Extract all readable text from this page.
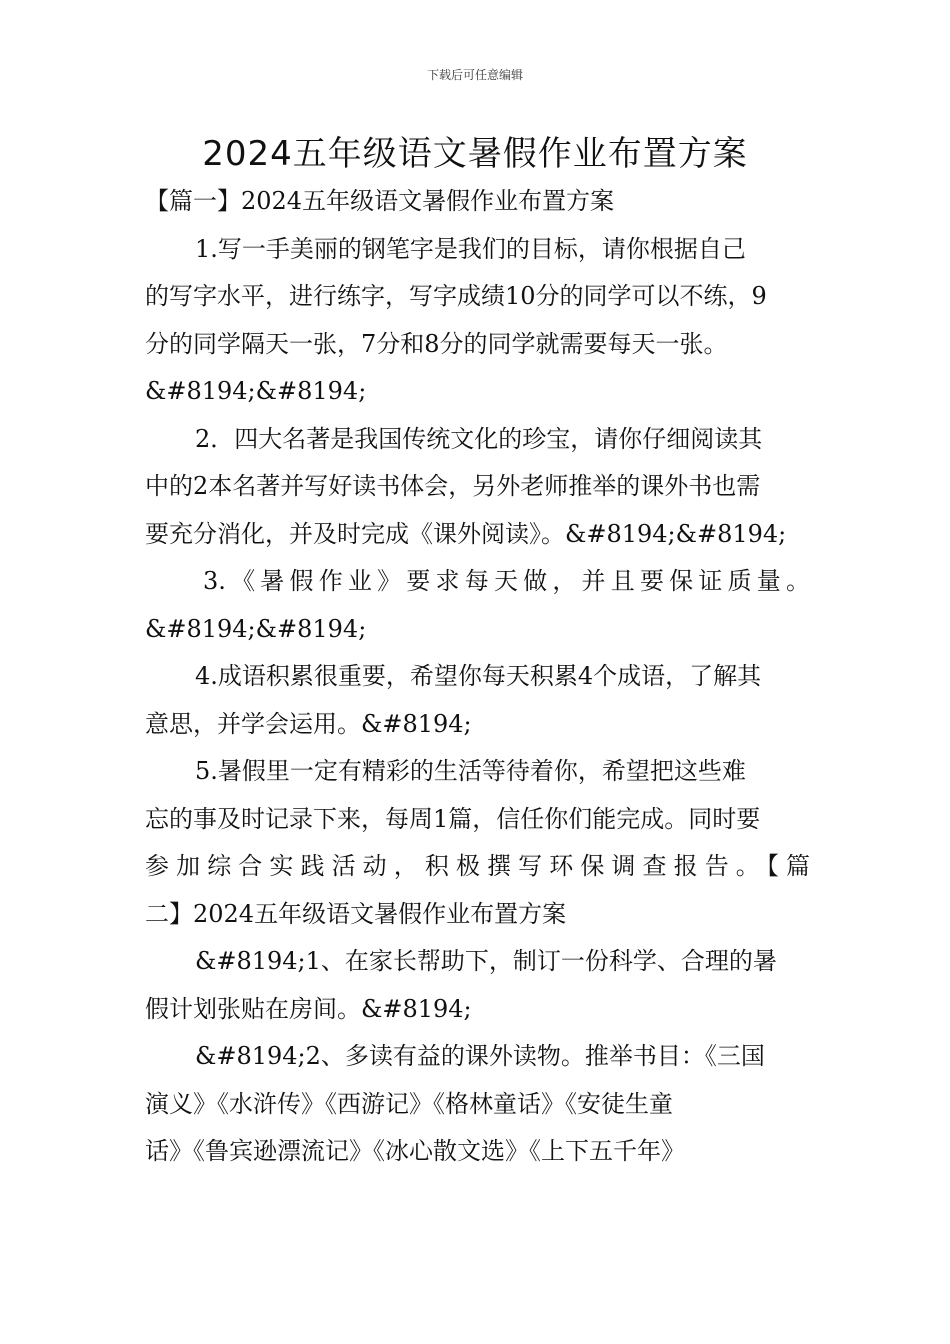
下载后可任意编辑
2024五年级语文暑假作业布置方案
【篇一】2024五年级语文暑假作业布置方案
1.写一手美丽的钢笔字是我们的目标，请你根据自己
的写字水平，进行练字，写字成绩10分的同学可以不练，9
分的同学隔天一张，7分和8分的同学就需要每天一张。
&#8194;&#8194;
2．四大名著是我国传统文化的珍宝，请你仔细阅读其
中的2本名著并写好读书体会，另外老师推举的课外书也需
要充分消化，并及时完成《课外阅读》。&#8194;&#8194;
3.《暑假作业》要求每天做，并且要保证质量。
&#8194;&#8194;
4.成语积累很重要，希望你每天积累4个成语，了解其
意思，并学会运用。&#8194;
5.暑假里一定有精彩的生活等待着你，希望把这些难
忘的事及时记录下来，每周1篇，信任你们能完成。同时要
参加综合实践活动，积极撰写环保调查报告。【篇
二】2024五年级语文暑假作业布置方案
&#8194;1、在家长帮助下，制订一份科学、合理的暑
假计划张贴在房间。&#8194;
&#8194;2、多读有益的课外读物。推举书目：《三国
演义》《水浒传》《西游记》《格林童话》《安徒生童
话》《鲁宾逊漂流记》《冰心散文选》《上下五千年》
